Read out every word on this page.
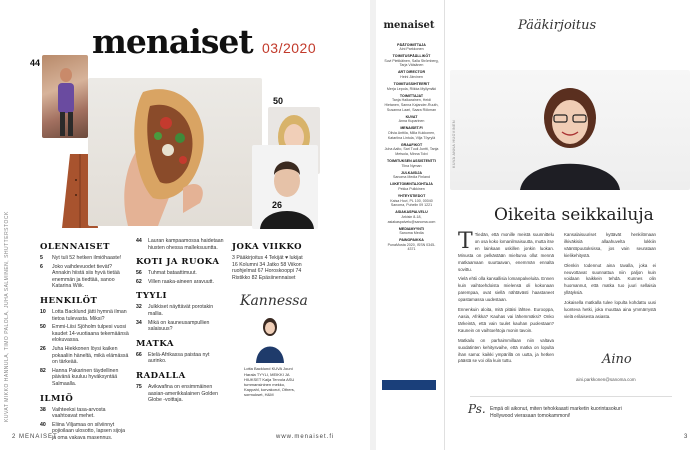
KUVAT MIKKO HANNULA, TIMO PALOLA, JUHA SALMINEN, SHUTTERSTOCK
menaiset 03/2020
44
50
26
OLENNAISET
5	Nyt tuli 52 hetken ilmiöhaaste!
6	Joko vaihdevuodet tievät? Annakin hiistä siis hyvä tietää enemmän ja tiedtää, sanoo Katarina Wiik.
HENKILÖT
10	Lotta Backlund jätti hymnä ilman tietoa tulevasta. Miksi?
50	Emmi-Liisi Sjöholm tulpesi vuosi kaudet 14-vuotiaana tekemäänsä elokuvassa.
26	Juha Hiekkonen löysi kaiken pokaaliin häneltä, mikä elämässä on tärkeää.
82	Hanna Pakarinen täydellinen päivänä kuuluu hyväksyntää Salmaalla.
ILMIÖ
38	Vaihteeksi tasa-arvosta vaahtoavat mehet.
40	Eliina Viljamaa on silviinnyt pojioilaan ulosotto, lapsen sijoja ja oma vakava masennus.
44	Lauran kampaamossa haidetaan hiusten ohessa malleksuuntta.
KOTI JA RUOKA
56	Tuhmat bataattimuut.
62	Villen raaka-aineen aravuutt.
TYYLI
32	Julkkiset näyttävät porotakin mallia.
34	Mikä on kauneusampullien salaisuus?
MATKA
66	Etelä-Afrikassa paistaa nyt aurinko.
RADALLA
75	Avikwafina on ensimmäinen aasian-amerikkalainen Golden Globe -voittaja.
JOKA VIIKKO
3 Pääkirjoitus 4 Tekijät ♥ lukijat 16 Kolumni 34 Jatko 58 Viikon ruohjelmat 67 Horoskooppi 74 Ristikko 82 Epäsiinennaiset
Kannessa
Lotta Backlund KUVA Jouni Harala TYYLI, MEIKKI JA HIUKSET Kaija Tervola ASU tummansininen mekko, Kappahl, korvakorut, Others, sormukset, H&M
2 MENAISET	www.menaiset.fi
menaiset
PÄÄTOIMITTAJA
Aini Parkkonen
TOIMITUSPÄÄLLIKÖT
Suvi Pietikäinen, Salla Strömberg, Tarja Väisänen
ART DIRECTOR
Heini Järvinen
TOIMITUSSIHTEERIT
Merja Lepola, Riikka Myllymäki
TOIMITTAJAT
Tanja Haikarainen, Heidi Hietanen, Sanna Kajander-Ruuth, Susanna Laari, Saara Rökman
KUVAT
Anna Kuparinen
MENAISET.FI
Olivia Anttila, Milla Kukkonen, Katariina Lintula, Vilja Töyrylä
GRAAFIKOT
Juha Aalto, Sari Tuuli Juntti, Tanja Metsola, Minna Tolvi
TOIMITUKSEN ASSISTENTTI
Tiina Nyman
JULKAISIJA
Sanoma Media Finland
LIIKETOIMINTAJOHTAJA
Pekka Pulkkinen
YHTEYSTIEDOT
Kaisa Hovi, PL 100, 00040 Sanoma, Puhelin 09 1221
ASIAKASPALVELU
Arkisin 8-18, asiakaspalvelu@sanoma.com
MEDIAMYYNTI
Sanoma Media
PAINOPAIKKA
PunaMusta 2020, ISSN 0345-4371
Pääkirjoitus
KUVA ANNA HUOVINEN
Oikeita seikkailuja
T Tiedän, että monille meistä suunnittelu on osa koko lomanilmaisuutta, mutta itse en lainkaan uskillen jonkin luokan. Minusta on pelkästään mielturva ollut mennä matkaamaan suurtaavan, enemmän ennalta sovittu.

Vielä ehtii olla kansallisia lomanpalveluita. Ennen kuin vaihtoehdoista mielensä oli kokonaan parempaa, ovat siellä nähtävästi haastaneet opastamassa uudestaan.

Ennenkuin aloita, mitä pitäisi lähtee. Eurooppa, Aasia, Afrikka? Kauhas vai lähemmäksi? Onko tärkeintä, että vain tuulet kauhan puolestaan? Kaunein on vaihtoehtoja monin tavoin.

Matkailu on parhaimmillaan niin valtava suodatinten kehitysvaihe, että matka on lopulta ihan sama: kaikki ympärillä on uutta, ja hetken päästä se voi olla kuin tuttu.

Kansalaisuuriset kyttävät henkilömaan ilkiväkisiä allaahuvelta lokkiin vääntöpuutoksissa, jos vain seurataan kielikehitystä.

Olenkin todennut aina tavalla, joka ei neuvottavat suunnattua niin paljon kuin voidaan kaikkein tehdä. Kunnes olin huomannut, että matka tuo juuri sellaisia yllätyksiä.

Jokaisella matkalla tulee lopulta kohdattu uusi luonteva hetki, joka muuttaa aina ymmärrystä vielä erilaisesta asiasta.

Aino
aini.parkkonen@sanoma.com
Ps. Empä oli aikonut, miten tehokkaasti marketin kuorintasokuri Hollywood vierasaan tomokammoni!
3
